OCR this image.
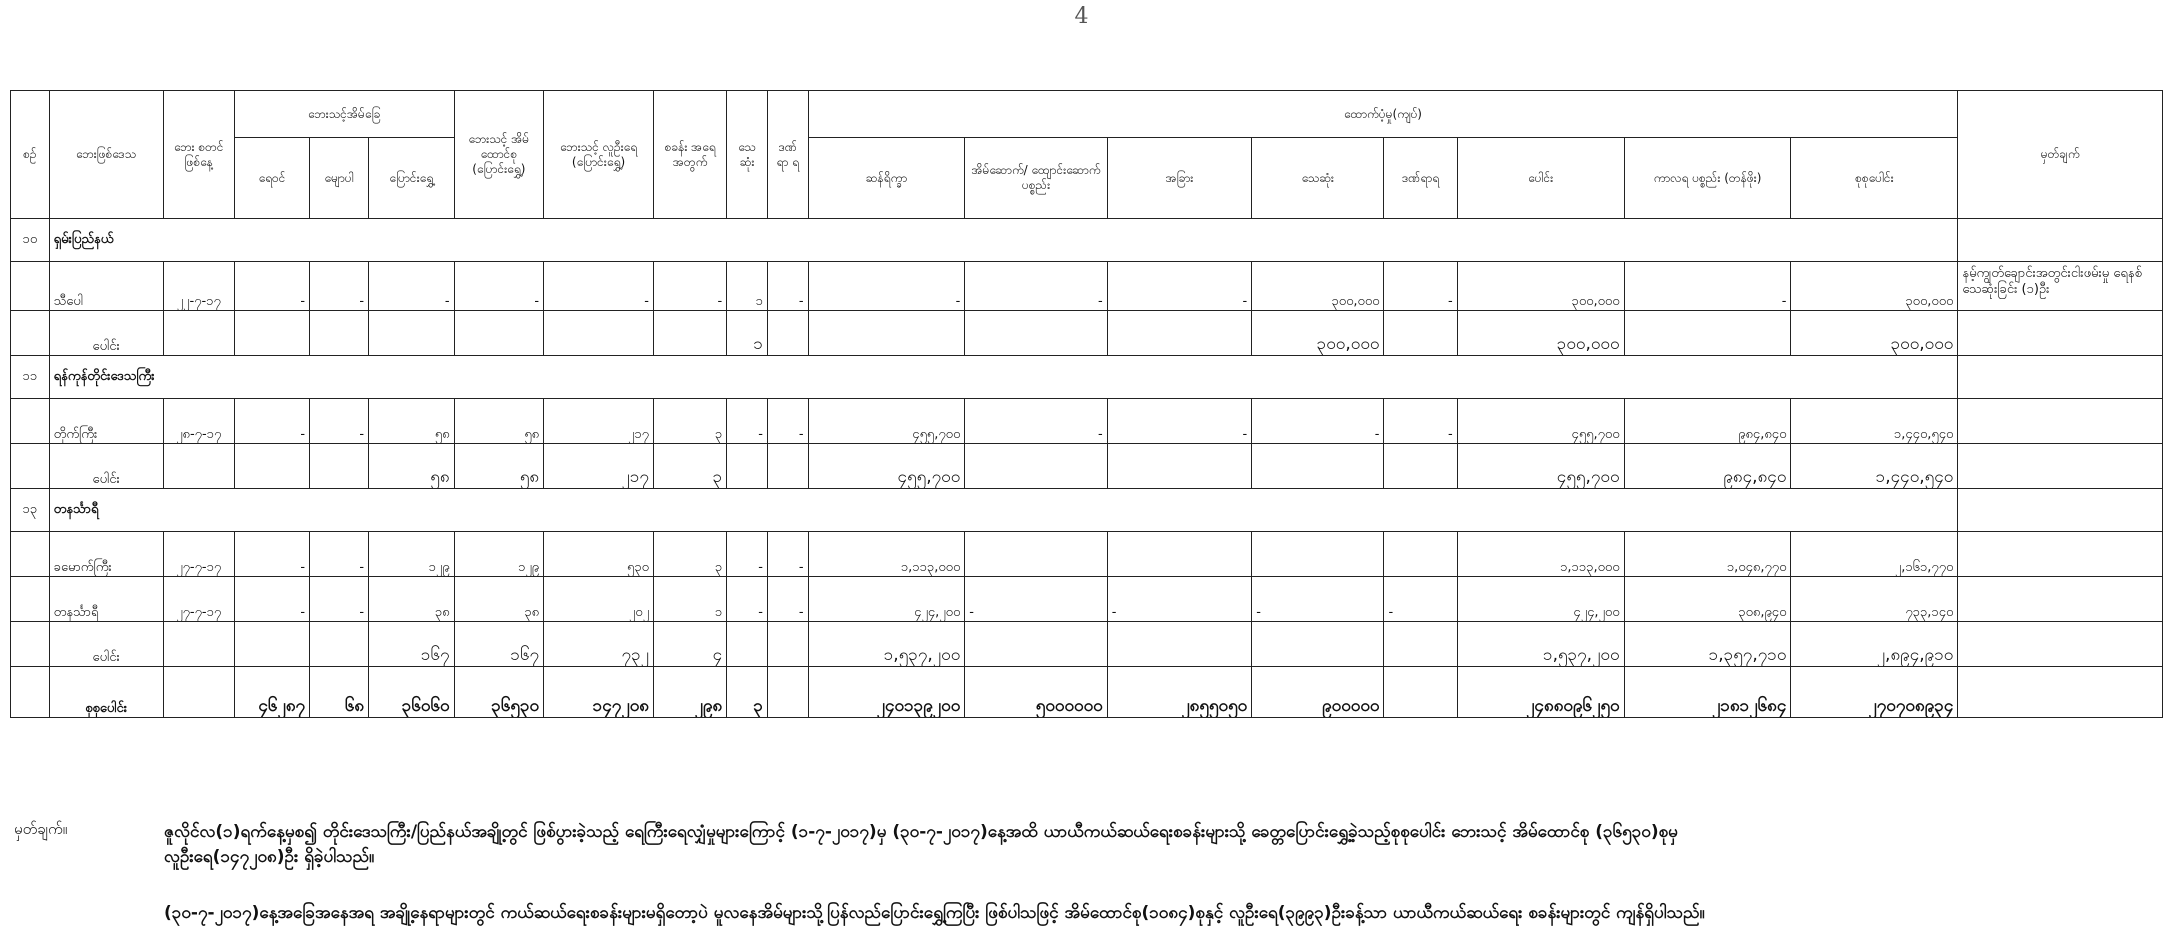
4
စဥ်	ဘေးဖြစ်ဒေသ	ဘေး စတင် ဖြစ်နေ့	ဘေးသင့်အိမ်ခြေ			ဘေးသင့် အိမ် ထောင်စု (ပြောင်းရွှေ့)	ဘေးသင့် လူဦးရေ (ပြောင်းရွှေ့)	စခန်း အရေ အတွက်	သေ ဆုံး	ဒဏ် ရာ ရ	ထောက်ပံ့မှု(ကျပ်)								မှတ်ချက်
			ရေဝင်	မျောပါ	ပြောင်းရွှေ့						ဆန်ရိက္ခာ	အိမ်ဆောက်/ ထျောင်းဆောက် ပစ္စည်း	အခြား	သေဆုံး	ဒဏ်ရာရ	ပေါင်း	ကာလရ ပစ္စည်း (တန်ဖိုး)	စုစုပေါင်း	
၁၀	ရှမ်းပြည်နယ်																		
	သီပေါ	၂၂-၇-၁၇	-	-	-	-	-	-	၁	-	-	-	-	၃၀၀,၀၀၀	-	၃၀၀,၀၀၀	-	၃၀၀,၀၀၀	နမ့်ကျွတ်ချောင်းအတွင်းငါးဖမ်းမှု ရေနစ်သေဆုံးခြင်း (၁)ဦး
	ပေါင်း								၁					၃၀၀,၀၀၀		၃၀၀,၀၀၀		၃၀၀,၀၀၀	
၁၁	ရန်ကုန်တိုင်းဒေသကြီး																		
	တိုက်ကြီး	၂၈-၇-၁၇	-	-	၅၈	၅၈	၂၁၇	၃	-	-	၄၅၅,၇၀၀	-	-	-	-	၄၅၅,၇၀၀	၉၈၄,၈၄၀	၁,၄၄၀,၅၄၀	
	ပေါင်း				၅၈	၅၈	၂၁၇	၃			၄၅၅,၇၀၀					၄၅၅,၇၀၀	၉၈၄,၈၄၀	၁,၄၄၀,၅၄၀	
၁၃	တနင်္သာရီ																		
	ခမောက်ကြီး	၂၇-၇-၁၇	-	-	၁၂၉	၁၂၉	၅၃၀	၃	-	-	၁,၁၁၃,၀၀၀					၁,၁၁၃,၀၀၀	၁,၀၄၈,၇၇၀	၂,၁၆၁,၇၇၀	
	တနင်္သာရီ	၂၇-၇-၁၇	-	-	၃၈	၃၈	၂၀၂	၁	-	-	၄၂၄,၂၀၀	-	-	-	-	၄၂၄,၂၀၀	၃၀၈,၉၄၀	၇၃၃,၁၄၀	
	ပေါင်း				၁၆၇	၁၆၇	၇၃၂	၄			၁,၅၃၇,၂၀၀					၁,၅၃၇,၂၀၀	၁,၃၅၇,၇၁၀	၂,၈၉၄,၉၁၀	
	စုစုပေါင်း		၄၆၂၈၇	၆၈	၃၆၀၆၀	၃၆၅၃၀	၁၄၇၂၀၈	၂၉၈	၃		၂၄၀၁၃၉၂၀၀	၅၀၀၀၀၀၀	၂၈၅၅၀၅၀	၉၀၀၀၀၀		၂၄၈၈၀၉၆၂၅၀	၂၁၈၁၂၆၈၄	၂၇၀၇၀၈၉၃၄	
မှတ်ချက်။	ဇူလိုင်လ(၁)ရက်နေ့မှစ၍ တိုင်းဒေသကြီး/ပြည်နယ်အချို့တွင် ဖြစ်ပွားခဲ့သည့် ရေကြီးရေလျှံမှုများကြောင့် (၁-၇-၂၀၁၇)မှ (၃၀-၇-၂၀၁၇)နေ့အထိ ယာယီကယ်ဆယ်ရေးစခန်းများသို့ ခေတ္တပြောင်းရွှေ့ခဲ့သည့်စုစုပေါင်း ဘေးသင့် အိမ်ထောင်စု (၃၆၅၃၀)စုမှ
လူဦးရေ(၁၄၇၂၀၈)ဦး ရှိခဲ့ပါသည်။
(၃၀-၇-၂၀၁၇)နေ့အခြေအနေအရ အချို့နေရာများတွင် ကယ်ဆယ်ရေးစခန်းများမရှိတော့ပဲ မူလနေအိမ်များသို့ပြန်လည်ပြောင်းရွှေ့ကြပြီး ဖြစ်ပါသဖြင့် အိမ်ထောင်စု(၁၀၈၄)စုနှင့် လူဦးရေ(၃၉၉၃)ဦးခန့်သာ ယာယီကယ်ဆယ်ရေး စခန်းများတွင် ကျန်ရှိပါသည်။
